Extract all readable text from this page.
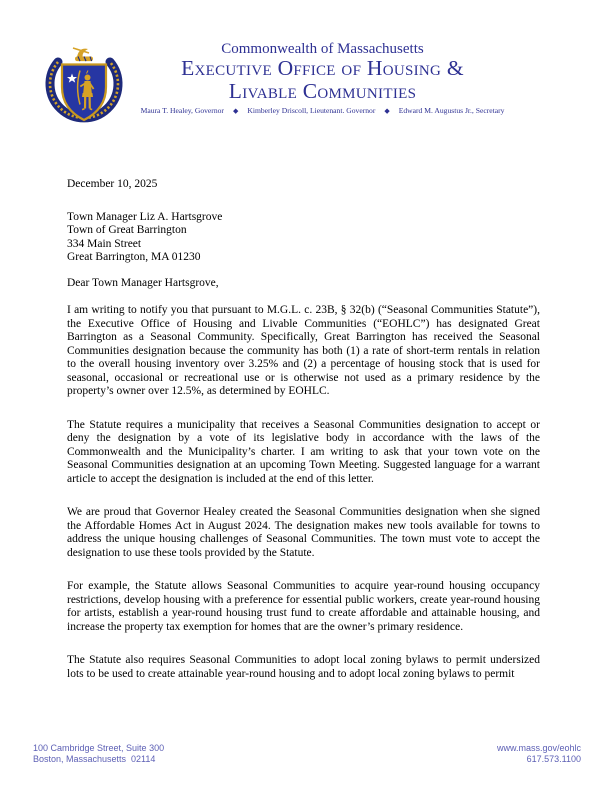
Commonwealth of Massachusetts
Executive Office of Housing &
Livable Communities
Maura T. Healey, Governor ◆ Kimberley Driscoll, Lieutenant. Governor ◆ Edward M. Augustus Jr., Secretary
December 10, 2025
Town Manager Liz A. Hartsgrove
Town of Great Barrington
334 Main Street
Great Barrington, MA 01230
Dear Town Manager Hartsgrove,

I am writing to notify you that pursuant to M.G.L. c. 23B, § 32(b) (“Seasonal Communities Statute”), the Executive Office of Housing and Livable Communities (“EOHLC”) has designated Great Barrington as a Seasonal Community. Specifically, Great Barrington has received the Seasonal Communities designation because the community has both (1) a rate of short-term rentals in relation to the overall housing inventory over 3.25% and (2) a percentage of housing stock that is used for seasonal, occasional or recreational use or is otherwise not used as a primary residence by the property’s owner over 12.5%, as determined by EOHLC.

The Statute requires a municipality that receives a Seasonal Communities designation to accept or deny the designation by a vote of its legislative body in accordance with the laws of the Commonwealth and the Municipality’s charter. I am writing to ask that your town vote on the Seasonal Communities designation at an upcoming Town Meeting. Suggested language for a warrant article to accept the designation is included at the end of this letter.

We are proud that Governor Healey created the Seasonal Communities designation when she signed the Affordable Homes Act in August 2024. The designation makes new tools available for towns to address the unique housing challenges of Seasonal Communities. The town must vote to accept the designation to use these tools provided by the Statute.

For example, the Statute allows Seasonal Communities to acquire year-round housing occupancy restrictions, develop housing with a preference for essential public workers, create year-round housing for artists, establish a year-round housing trust fund to create affordable and attainable housing, and increase the property tax exemption for homes that are the owner’s primary residence.

The Statute also requires Seasonal Communities to adopt local zoning bylaws to permit undersized lots to be used to create attainable year-round housing and to adopt local zoning bylaws to permit

100 Cambridge Street, Suite 300
Boston, Massachusetts  02114
www.mass.gov/eohlc
617.573.1100
